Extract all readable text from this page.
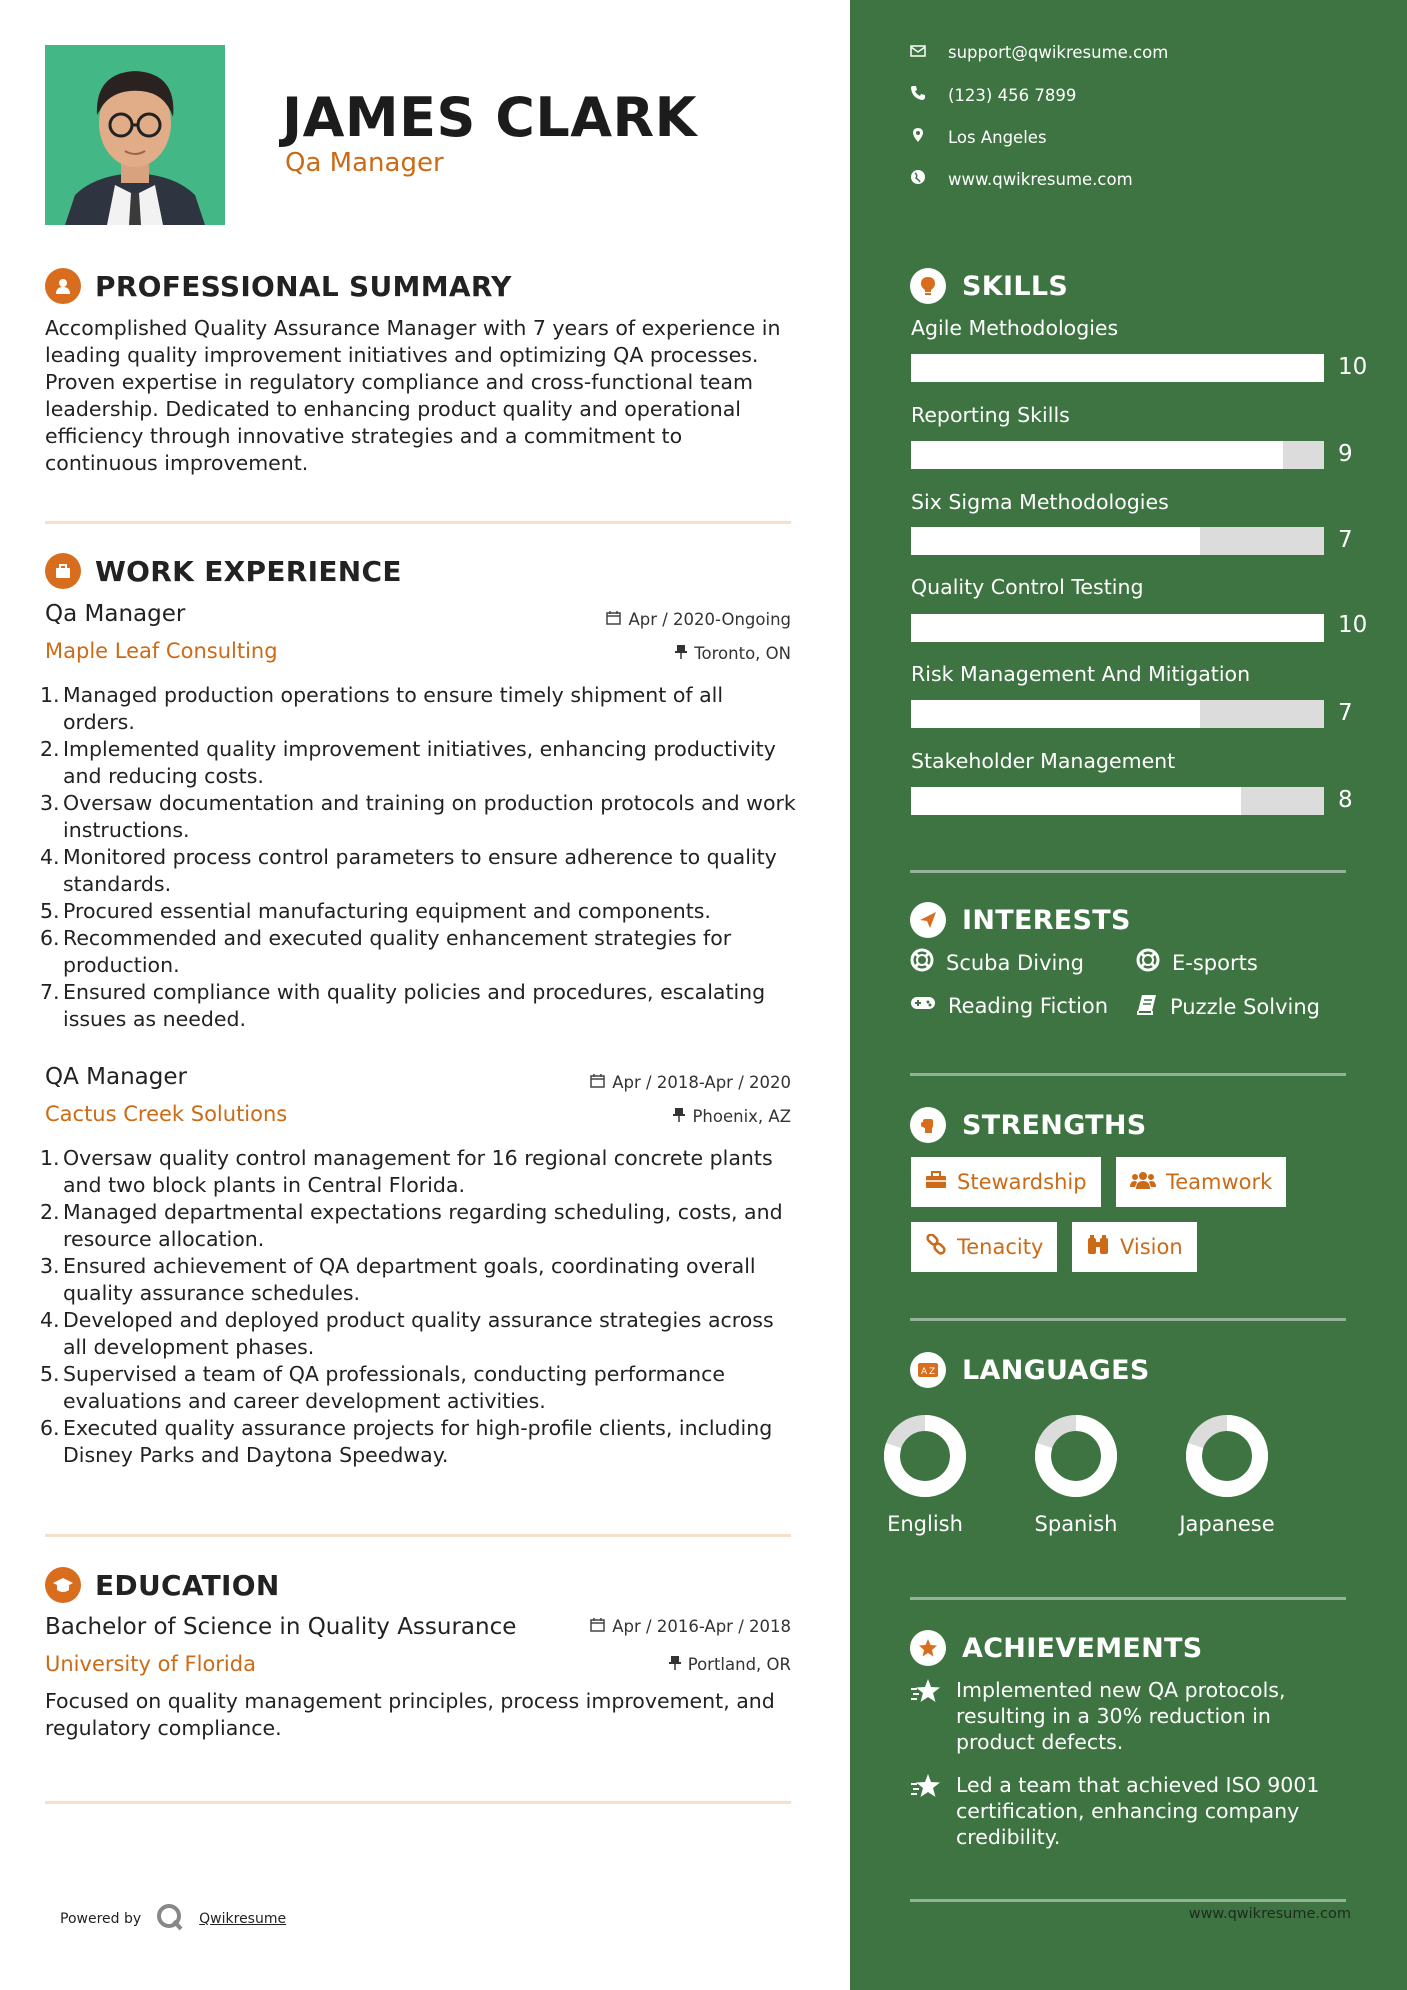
JAMES CLARK
Qa Manager
PROFESSIONAL SUMMARY
Accomplished Quality Assurance Manager with 7 years of experience in leading quality improvement initiatives and optimizing QA processes. Proven expertise in regulatory compliance and cross-functional team leadership. Dedicated to enhancing product quality and operational efficiency through innovative strategies and a commitment to continuous improvement.
WORK EXPERIENCE
Qa Manager	Apr / 2020-Ongoing
Maple Leaf Consulting	Toronto, ON
1. Managed production operations to ensure timely shipment of all orders.
2. Implemented quality improvement initiatives, enhancing productivity and reducing costs.
3. Oversaw documentation and training on production protocols and work instructions.
4. Monitored process control parameters to ensure adherence to quality standards.
5. Procured essential manufacturing equipment and components.
6. Recommended and executed quality enhancement strategies for production.
7. Ensured compliance with quality policies and procedures, escalating issues as needed.
QA Manager	Apr / 2018-Apr / 2020
Cactus Creek Solutions	Phoenix, AZ
1. Oversaw quality control management for 16 regional concrete plants and two block plants in Central Florida.
2. Managed departmental expectations regarding scheduling, costs, and resource allocation.
3. Ensured achievement of QA department goals, coordinating overall quality assurance schedules.
4. Developed and deployed product quality assurance strategies across all development phases.
5. Supervised a team of QA professionals, conducting performance evaluations and career development activities.
6. Executed quality assurance projects for high-profile clients, including Disney Parks and Daytona Speedway.
EDUCATION
Bachelor of Science in Quality Assurance	Apr / 2016-Apr / 2018
University of Florida	Portland, OR
Focused on quality management principles, process improvement, and regulatory compliance.
Powered by	Qwikresume
support@qwikresume.com
(123) 456 7899
Los Angeles
www.qwikresume.com
SKILLS
Agile Methodologies
10
Reporting Skills
9
Six Sigma Methodologies
7
Quality Control Testing
10
Risk Management And Mitigation
7
Stakeholder Management
8
INTERESTS
Scuba Diving	E-sports
Reading Fiction	Puzzle Solving
STRENGTHS
Stewardship	Teamwork
Tenacity	Vision
A Z LANGUAGES
English	Spanish	Japanese
ACHIEVEMENTS
Implemented new QA protocols, resulting in a 30% reduction in product defects.
Led a team that achieved ISO 9001 certification, enhancing company credibility.
www.qwikresume.com
